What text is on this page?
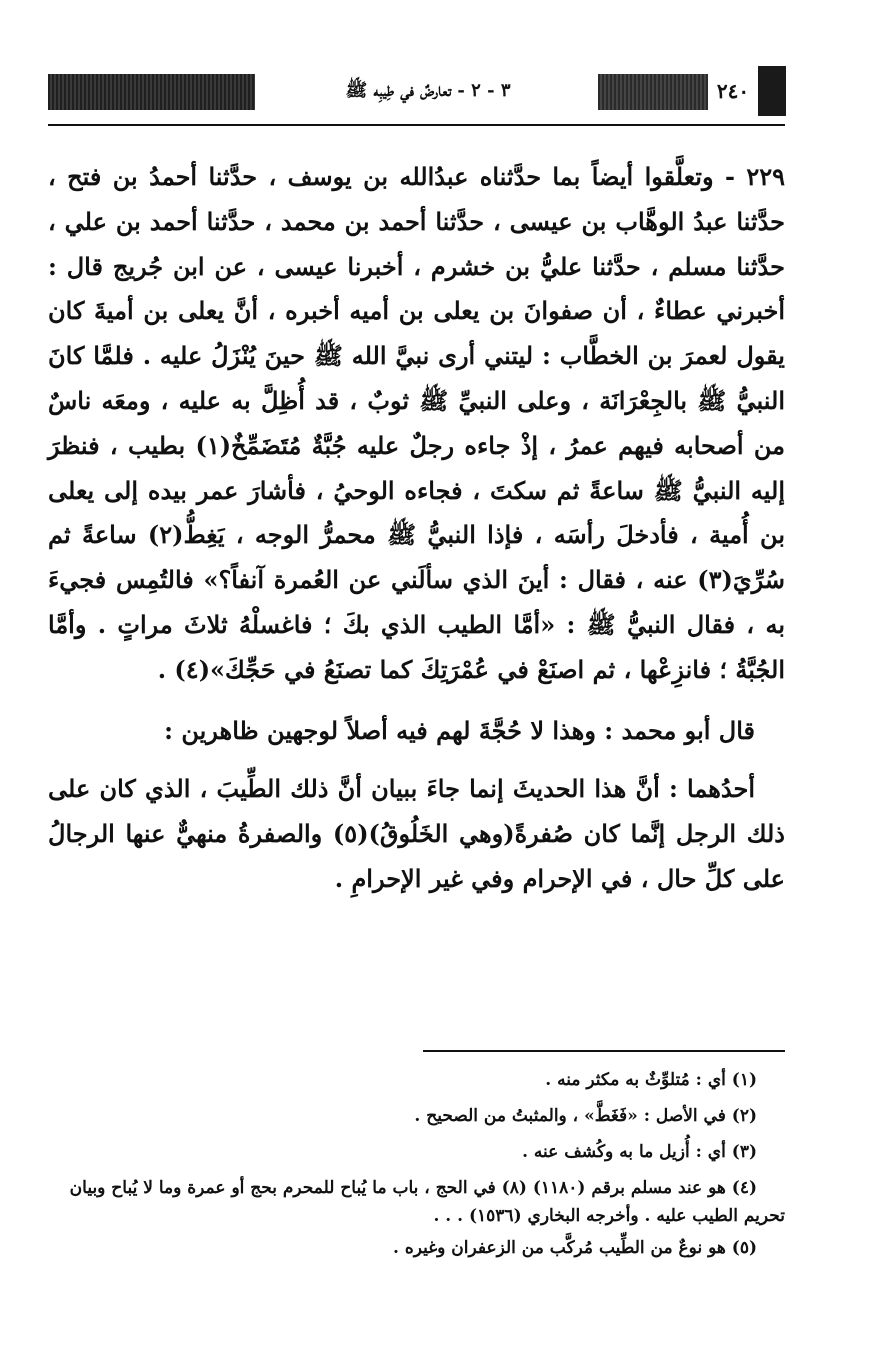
٣ - ٢ - تعارضٌ في طِيبِه ﷺ	٢٤٠

٢٢٩ - وتعلَّقوا أيضاً بما حدَّثناه عبدُالله بن يوسف ، حدَّثنا أحمدُ بن فتح ، حدَّثنا عبدُ الوهَّاب بن عيسى ، حدَّثنا أحمد بن محمد ، حدَّثنا أحمد بن علي ، حدَّثنا مسلم ، حدَّثنا عليُّ بن خشرم ، أخبرنا عيسى ، عن ابن جُريج قال : أخبرني عطاءٌ ، أن صفوانَ بن يعلى بن أميه أخبره ، أنَّ يعلى بن أميةَ كان يقول لعمرَ بن الخطَّاب : ليتني أرى نبيَّ الله ﷺ حينَ يُنْزَلُ عليه . فلمَّا كانَ النبيُّ ﷺ بالجِعْرَانَة ، وعلى النبيِّ ﷺ ثوبٌ ، قد أُظِلَّ به عليه ، ومعَه ناسٌ من أصحابه فيهم عمرُ ، إذْ جاءه رجلٌ عليه جُبَّةٌ مُتَضَمِّخٌ(١) بطيب ، فنظرَ إليه النبيُّ ﷺ ساعةً ثم سكتَ ، فجاءه الوحيُ ، فأشارَ عمر بيده إلى يعلى بن أُمية ، فأدخلَ رأسَه ، فإذا النبيُّ ﷺ محمرُّ الوجه ، يَغِطُّ(٢) ساعةً ثم سُرِّيَ(٣) عنه ، فقال : أينَ الذي سألَني عن العُمرة آنفاً؟» فالتُمِس فجيءَ به ، فقال النبيُّ ﷺ : «أمَّا الطيب الذي بكَ ؛ فاغسلْهُ ثلاثَ مراتٍ . وأمَّا الجُبَّةُ ؛ فانزِعْها ، ثم اصنَعْ في عُمْرَتِكَ كما تصنَعُ في حَجِّكَ»(٤) .

قال أبو محمد : وهذا لا حُجَّةَ لهم فيه أصلاً لوجهين ظاهرين :

أحدُهما : أنَّ هذا الحديثَ إنما جاءَ ببيان أنَّ ذلك الطِّيبَ ، الذي كان على ذلك الرجل إنَّما كان صُفرةً(وهي الخَلُوقُ)(٥) والصفرةُ منهيٌّ عنها الرجالُ على كلِّ حال ، في الإحرام وفي غير الإحرامِ .

(١) أي : مُتلوِّثٌ به مكثر منه .

(٢) في الأصل : «فَغَطَّ» ، والمثبتُ من الصحيح .

(٣) أي : أُزيل ما به وكُشف عنه .

(٤) هو عند مسلم برقم (١١٨٠) (٨) في الحج ، باب ما يُباح للمحرم بحج أو عمرة وما لا يُباح وبيان تحريم الطيب عليه . وأخرجه البخاري (١٥٣٦) . . .

(٥) هو نوعٌ من الطِّيب مُركَّب من الزعفران وغيره .
